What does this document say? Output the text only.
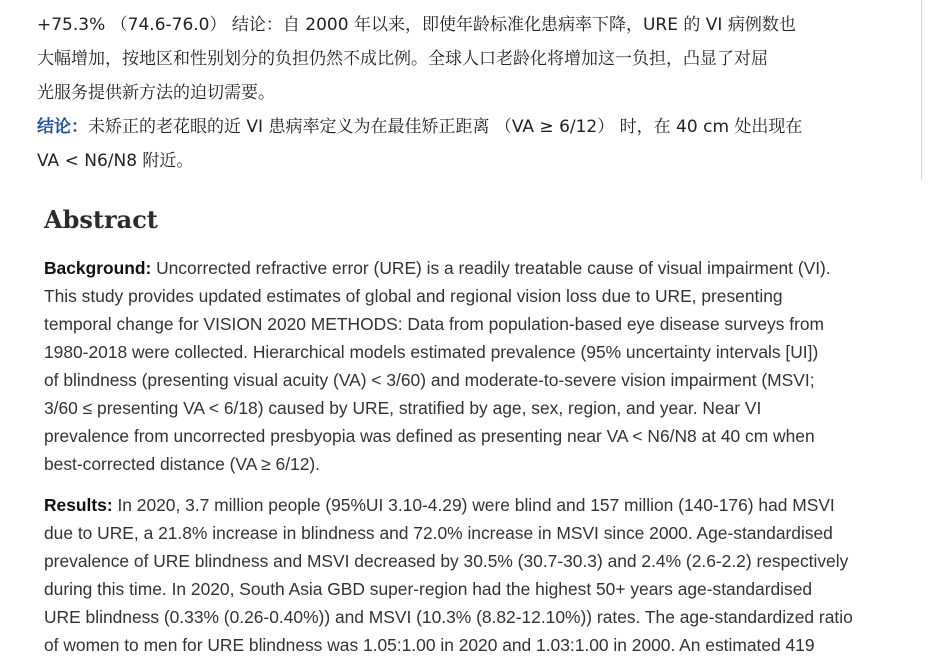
+75.3% （74.6-76.0） 结论：自 2000 年以来，即使年龄标准化患病率下降，URE 的 VI 病例数也
大幅增加，按地区和性别划分的负担仍然不成比例。全球人口老龄化将增加这一负担，凸显了对屈
光服务提供新方法的迫切需要。
结论：未矫正的老花眼的近 VI 患病率定义为在最佳矫正距离 （VA ≥ 6/12） 时，在 40 cm 处出现在
VA < N6/N8 附近。
Abstract
Background: Uncorrected refractive error (URE) is a readily treatable cause of visual impairment (VI).
This study provides updated estimates of global and regional vision loss due to URE, presenting
temporal change for VISION 2020 METHODS: Data from population-based eye disease surveys from
1980-2018 were collected. Hierarchical models estimated prevalence (95% uncertainty intervals [UI])
of blindness (presenting visual acuity (VA) < 3/60) and moderate-to-severe vision impairment (MSVI;
3/60 ≤ presenting VA < 6/18) caused by URE, stratified by age, sex, region, and year. Near VI
prevalence from uncorrected presbyopia was defined as presenting near VA < N6/N8 at 40 cm when
best-corrected distance (VA ≥ 6/12).
Results: In 2020, 3.7 million people (95%UI 3.10-4.29) were blind and 157 million (140-176) had MSVI
due to URE, a 21.8% increase in blindness and 72.0% increase in MSVI since 2000. Age-standardised
prevalence of URE blindness and MSVI decreased by 30.5% (30.7-30.3) and 2.4% (2.6-2.2) respectively
during this time. In 2020, South Asia GBD super-region had the highest 50+ years age-standardised
URE blindness (0.33% (0.26-0.40%)) and MSVI (10.3% (8.82-12.10%)) rates. The age-standardized ratio
of women to men for URE blindness was 1.05:1.00 in 2020 and 1.03:1.00 in 2000. An estimated 419
